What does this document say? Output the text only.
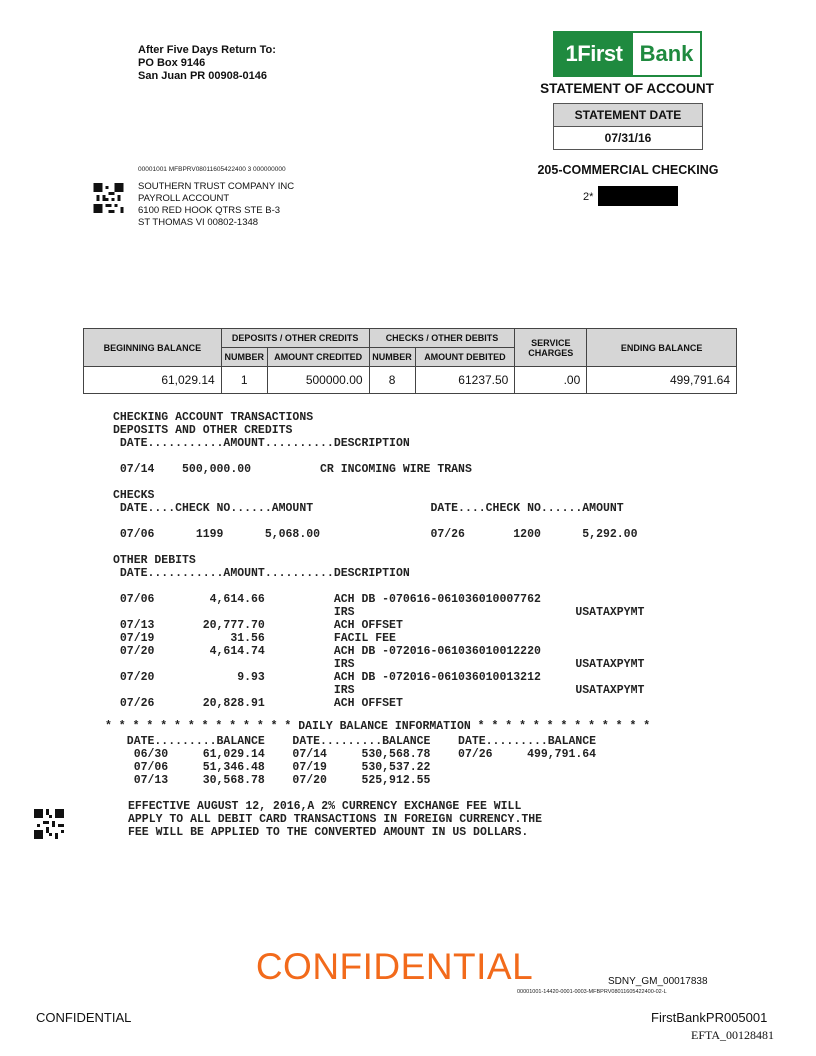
After Five Days Return To:
PO Box 9146
San Juan PR 00908-0146
1First Bank
STATEMENT OF ACCOUNT
STATEMENT DATE
07/31/16
205-COMMERCIAL CHECKING
2*
00001001 MFBPRV08011605422400 3 000000000
SOUTHERN TRUST COMPANY INC
PAYROLL ACCOUNT
6100 RED HOOK QTRS STE B-3
ST THOMAS VI 00802-1348
BEGINNING BALANCE	DEPOSITS / OTHER CREDITS		CHECKS / OTHER DEBITS		SERVICE CHARGES	ENDING BALANCE
	NUMBER	AMOUNT CREDITED	NUMBER	AMOUNT DEBITED		
61,029.14	1	500000.00	8	61237.50	.00	499,791.64
CHECKING ACCOUNT TRANSACTIONS
DEPOSITS AND OTHER CREDITS
DATE...........AMOUNT..........DESCRIPTION
07/14    500,000.00          CR INCOMING WIRE TRANS
CHECKS
DATE....CHECK NO......AMOUNT                 DATE....CHECK NO......AMOUNT
07/06      1199      5,068.00                07/26       1200      5,292.00
OTHER DEBITS
DATE...........AMOUNT..........DESCRIPTION
07/06        4,614.66          ACH DB -070616-061036010007762
IRS                                USATAXPYMT
07/13       20,777.70          ACH OFFSET
07/19           31.56          FACIL FEE
07/20        4,614.74          ACH DB -072016-061036010012220
IRS                                USATAXPYMT
07/20            9.93          ACH DB -072016-061036010013212
IRS                                USATAXPYMT
07/26       20,828.91          ACH OFFSET
* * * * * * * * * * * * * * DAILY BALANCE INFORMATION * * * * * * * * * * * * *
DATE.........BALANCE    DATE.........BALANCE    DATE.........BALANCE
06/30     61,029.14    07/14     530,568.78    07/26     499,791.64
07/06     51,346.48    07/19     530,537.22
07/13     30,568.78    07/20     525,912.55
EFFECTIVE AUGUST 12, 2016,A 2% CURRENCY EXCHANGE FEE WILL
APPLY TO ALL DEBIT CARD TRANSACTIONS IN FOREIGN CURRENCY.THE
FEE WILL BE APPLIED TO THE CONVERTED AMOUNT IN US DOLLARS.
CONFIDENTIAL	SDNY_GM_00017838
00001001-14420-0001-0003-MFBPRV08011605422400-02-L
CONFIDENTIAL	FirstBankPR005001
EFTA_00128481
